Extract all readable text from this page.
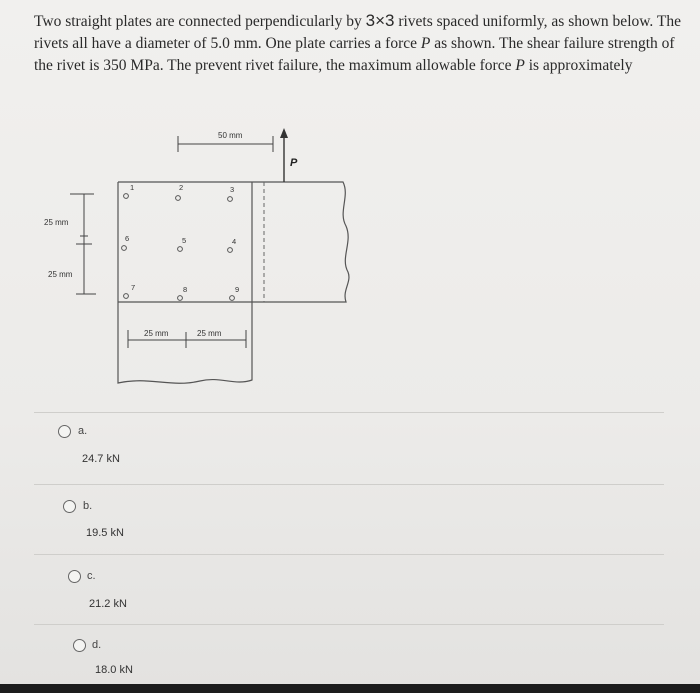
Two straight plates are connected perpendicularly by 3×3 rivets spaced uniformly, as shown below. The rivets all have a diameter of 5.0 mm. One plate carries a force P as shown. The shear failure strength of the rivet is 350 MPa. The prevent rivet failure, the maximum allowable force P is approximately
50 mm
P
25 mm
25 mm
25 mm	25 mm
1	2	3
6	5	4
7	8	9
a.
24.7 kN
b.
19.5 kN
c.
21.2 kN
d.
18.0 kN
